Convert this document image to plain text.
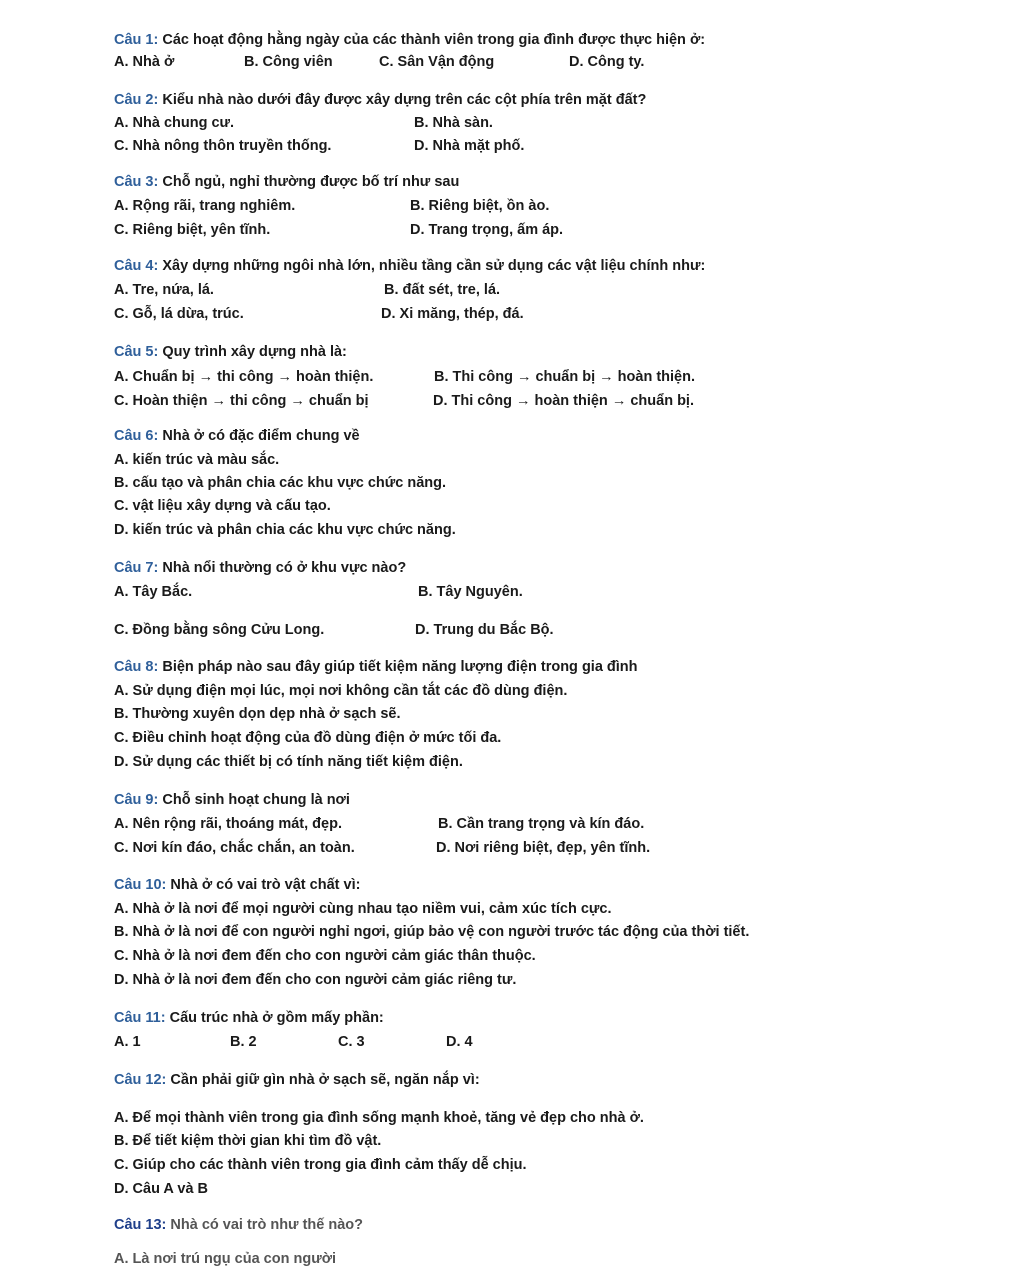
Câu 1: Các hoạt động hằng ngày của các thành viên trong gia đình được thực hiện ở:
A. Nhà ở	B. Công viên	C. Sân Vận động	D. Công ty.
Câu 2: Kiểu nhà nào dưới đây được xây dựng trên các cột phía trên mặt đất?
A. Nhà chung cư.	B. Nhà sàn.
C. Nhà nông thôn truyền thống.	D. Nhà mặt phố.
Câu 3: Chỗ ngủ, nghỉ thường được bố trí như sau
A. Rộng rãi, trang nghiêm.	B. Riêng biệt, ồn ào.
C. Riêng biệt, yên tĩnh.	D. Trang trọng, ấm áp.
Câu 4: Xây dựng những ngôi nhà lớn, nhiều tầng cần sử dụng các vật liệu chính như:
A. Tre, nứa, lá.	B. đất sét, tre, lá.
C. Gỗ, lá dừa, trúc.	D. Xi măng, thép, đá.
Câu 5: Quy trình xây dựng nhà là:
A. Chuẩn bị → thi công → hoàn thiện.	B. Thi công → chuẩn bị → hoàn thiện.
C. Hoàn thiện → thi công → chuẩn bị	D. Thi công → hoàn thiện → chuẩn bị.
Câu 6: Nhà ở có đặc điểm chung về
A. kiến trúc và màu sắc.
B. cấu tạo và phân chia các khu vực chức năng.
C. vật liệu xây dựng và cấu tạo.
D. kiến trúc và phân chia các khu vực chức năng.
Câu 7: Nhà nổi thường có ở khu vực nào?
A. Tây Bắc.	B. Tây Nguyên.
C. Đồng bằng sông Cửu Long.	D. Trung du Bắc Bộ.
Câu 8: Biện pháp nào sau đây giúp tiết kiệm năng lượng điện trong gia đình
A. Sử dụng điện mọi lúc, mọi nơi không cần tắt các đồ dùng điện.
B. Thường xuyên dọn dẹp nhà ở sạch sẽ.
C. Điều chỉnh hoạt động của đồ dùng điện ở mức tối đa.
D. Sử dụng các thiết bị có tính năng tiết kiệm điện.
Câu 9: Chỗ sinh hoạt chung là nơi
A. Nên rộng rãi, thoáng mát, đẹp.	B. Cần trang trọng và kín đáo.
C. Nơi kín đáo, chắc chắn, an toàn.	D. Nơi riêng biệt, đẹp, yên tĩnh.
Câu 10: Nhà ở có vai trò vật chất vì:
A. Nhà ở là nơi để mọi người cùng nhau tạo niềm vui, cảm xúc tích cực.
B. Nhà ở là nơi để con người nghỉ ngơi, giúp bảo vệ con người trước tác động của thời tiết.
C. Nhà ở là nơi đem đến cho con người cảm giác thân thuộc.
D. Nhà ở là nơi đem đến cho con người cảm giác riêng tư.
Câu 11: Cấu trúc nhà ở gồm mấy phần:
A. 1	B. 2	C. 3	D. 4
Câu 12: Cần phải giữ gìn nhà ở sạch sẽ, ngăn nắp vì:
A. Để mọi thành viên trong gia đình sống mạnh khoẻ, tăng vẻ đẹp cho nhà ở.
B. Để tiết kiệm thời gian khi tìm đồ vật.
C. Giúp cho các thành viên trong gia đình cảm thấy dễ chịu.
D. Câu A và B
Câu 13: Nhà có vai trò như thế nào?
A. Là nơi trú ngụ của con người
